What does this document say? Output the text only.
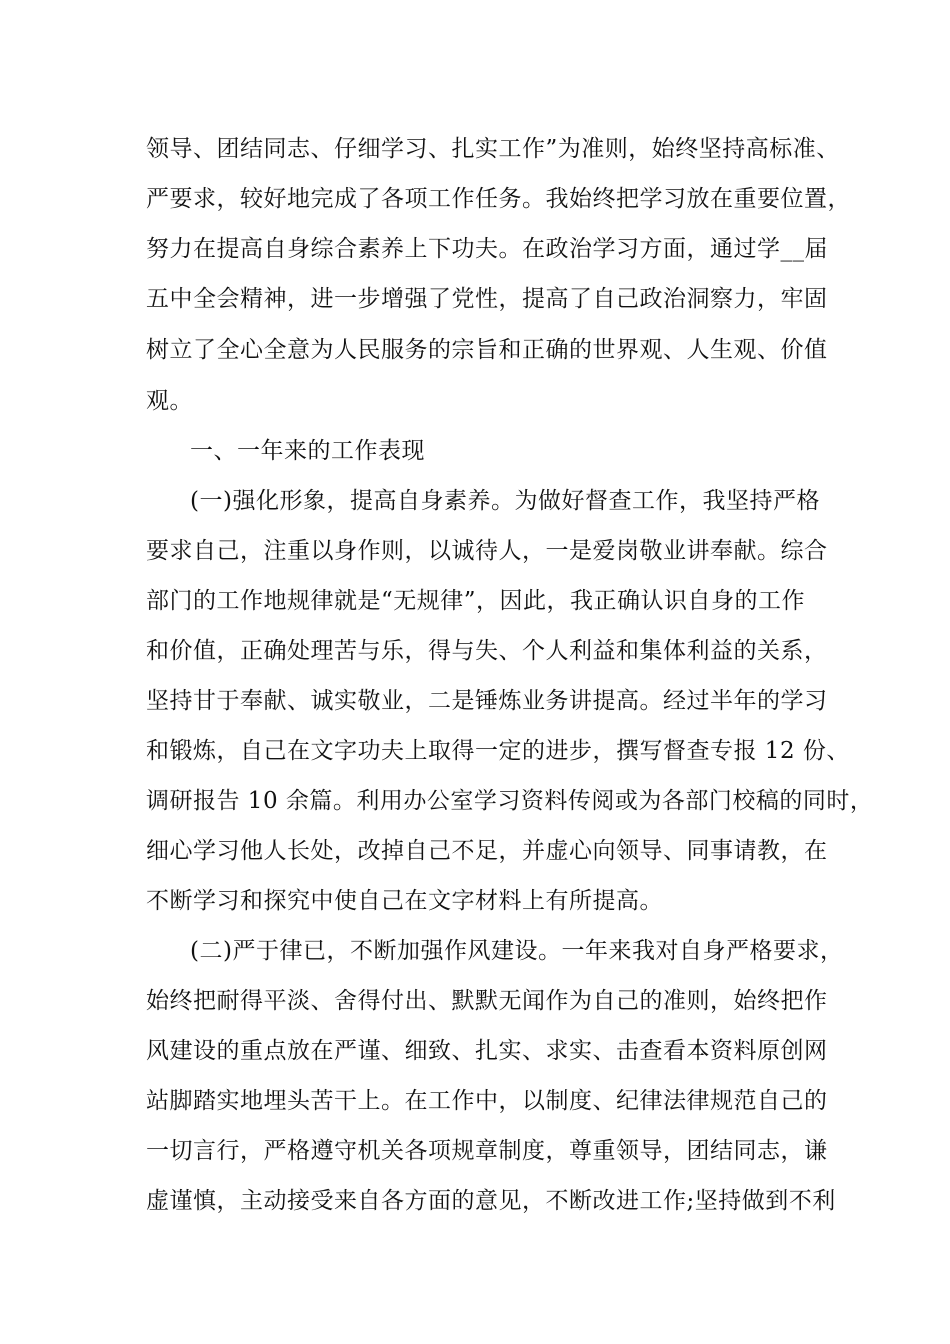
领导、团结同志、仔细学习、扎实工作”为准则，始终坚持高标准、
严要求，较好地完成了各项工作任务。我始终把学习放在重要位置，
努力在提高自身综合素养上下功夫。在政治学习方面，通过学__届
五中全会精神，进一步增强了党性，提高了自己政治洞察力，牢固
树立了全心全意为人民服务的宗旨和正确的世界观、人生观、价值
观。
一、一年来的工作表现
(一)强化形象，提高自身素养。为做好督查工作，我坚持严格
要求自己，注重以身作则，以诚待人，一是爱岗敬业讲奉献。综合
部门的工作地规律就是“无规律”，因此，我正确认识自身的工作
和价值，正确处理苦与乐，得与失、个人利益和集体利益的关系，
坚持甘于奉献、诚实敬业，二是锤炼业务讲提高。经过半年的学习
和锻炼，自己在文字功夫上取得一定的进步，撰写督查专报 12 份、
调研报告 10 余篇。利用办公室学习资料传阅或为各部门校稿的同时，
细心学习他人长处，改掉自己不足，并虚心向领导、同事请教，在
不断学习和探究中使自己在文字材料上有所提高。
(二)严于律已，不断加强作风建设。一年来我对自身严格要求，
始终把耐得平淡、舍得付出、默默无闻作为自己的准则，始终把作
风建设的重点放在严谨、细致、扎实、求实、击查看本资料原创网
站脚踏实地埋头苦干上。在工作中，以制度、纪律法律规范自己的
一切言行，严格遵守机关各项规章制度，尊重领导，团结同志，谦
虚谨慎，主动接受来自各方面的意见，不断改进工作;坚持做到不利
